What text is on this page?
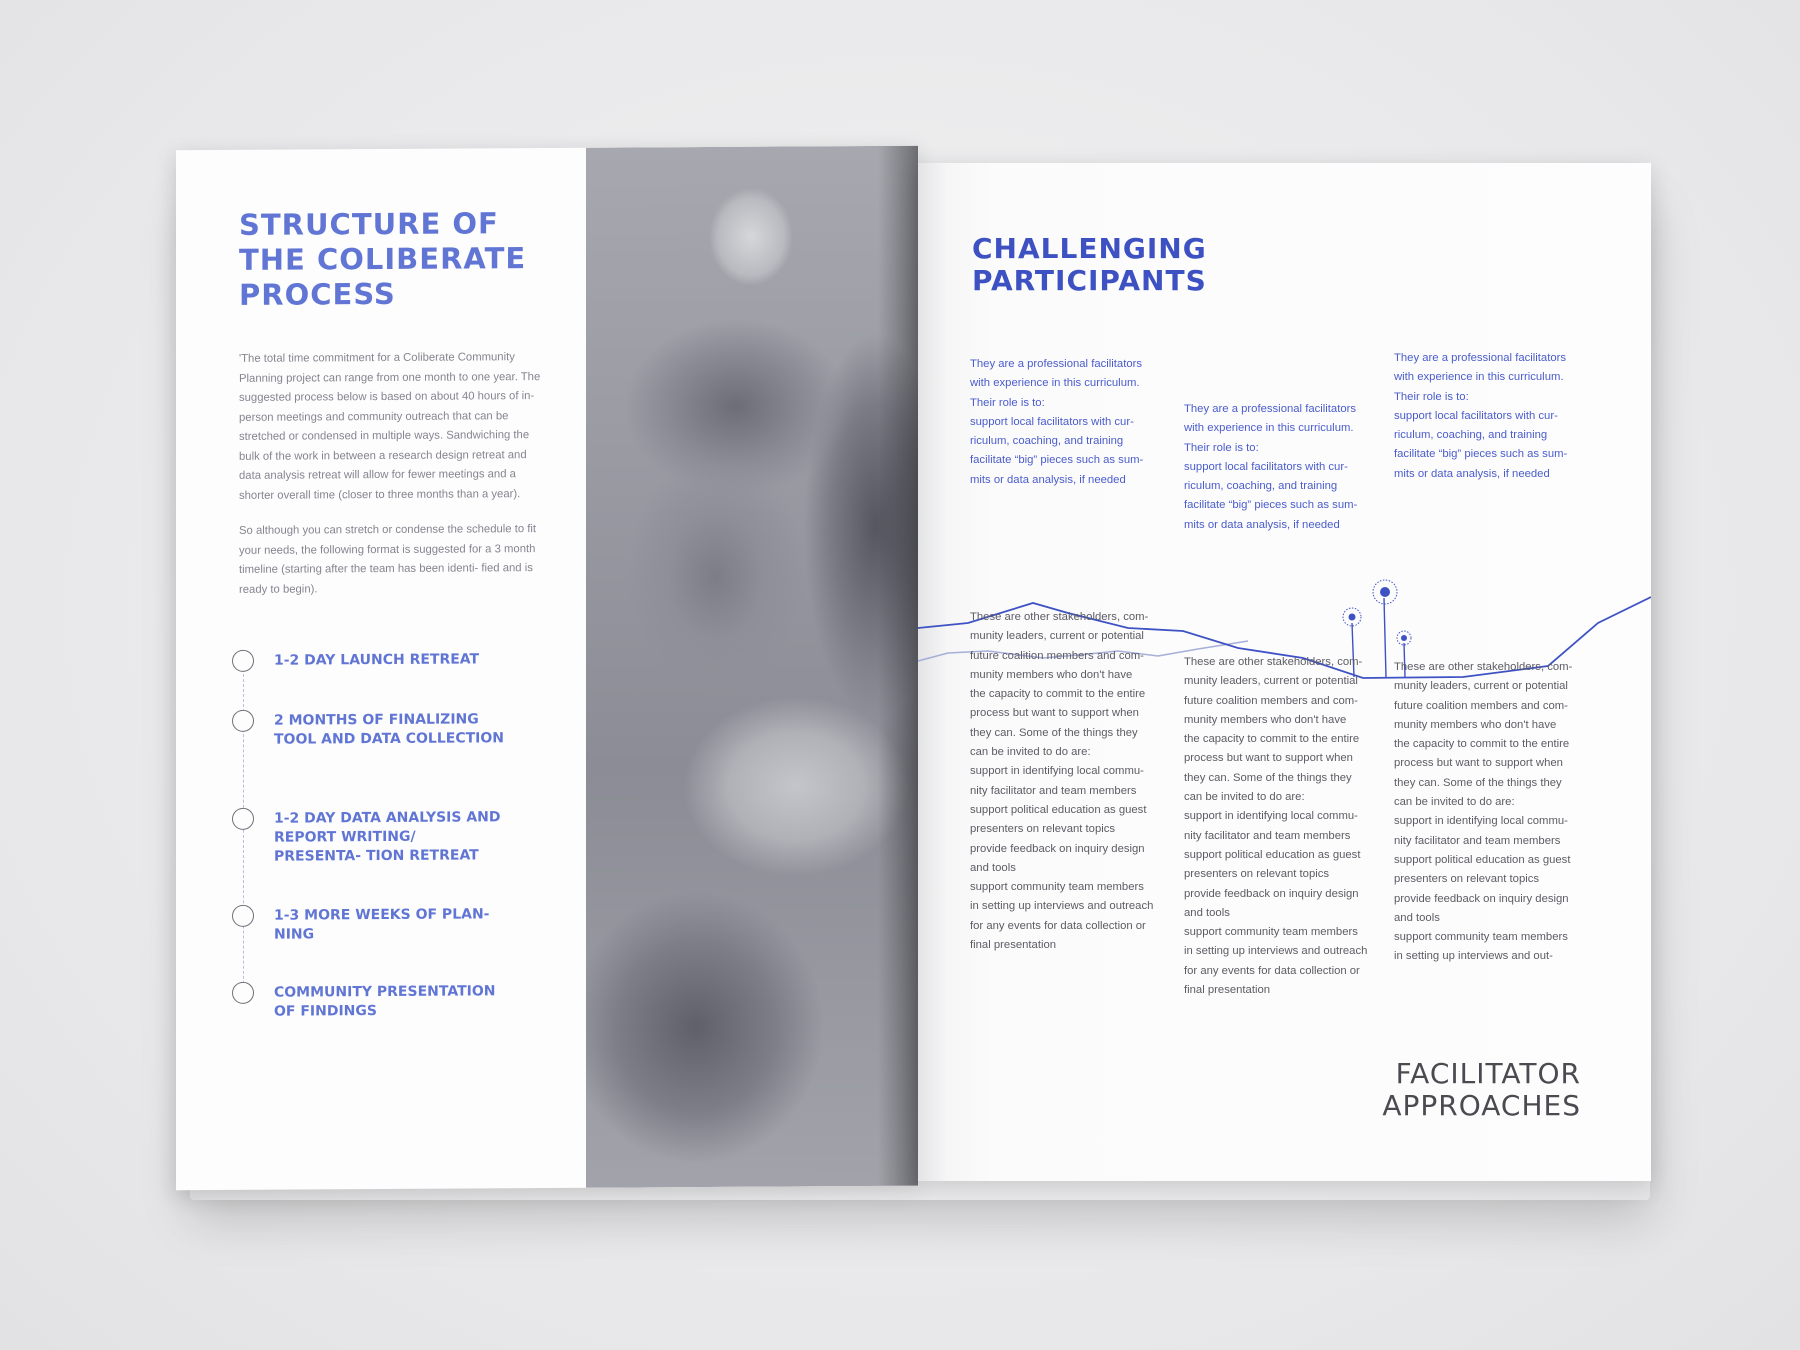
STRUCTURE OF THE COLIBERATE PROCESS

'The total time commitment for a Coliberate Community Planning project can range from one month to one year. The suggested process below is based on about 40 hours of in- person meetings and community outreach that can be stretched or condensed in multiple ways. Sandwiching the bulk of the work in between a research design retreat and data analysis retreat will allow for fewer meetings and a shorter overall time (closer to three months than a year).

So although you can stretch or condense the schedule to fit your needs, the following format is suggested for a 3 month timeline (starting after the team has been identi- fied and is ready to begin).

1-2 DAY LAUNCH RETREAT
2 MONTHS OF FINALIZING TOOL AND DATA COLLECTION
1-2 DAY DATA ANALYSIS AND REPORT WRITING/ PRESENTA- TION RETREAT
1-3 MORE WEEKS OF PLAN- NING
COMMUNITY PRESENTATION OF FINDINGS
CHALLENGING PARTICIPANTS

They are a professional facilitators

with experience in this curriculum.

Their role is to:

support local facilitators with cur-

riculum, coaching, and training

facilitate “big” pieces such as sum-

mits or data analysis, if needed

They are a professional facilitators

with experience in this curriculum.

Their role is to:

support local facilitators with cur-

riculum, coaching, and training

facilitate “big” pieces such as sum-

mits or data analysis, if needed

They are a professional facilitators

with experience in this curriculum.

Their role is to:

support local facilitators with cur-

riculum, coaching, and training

facilitate “big” pieces such as sum-

mits or data analysis, if needed

These are other stakeholders, com-

munity leaders, current or potential

future coalition members and com-

munity members who don't have

the capacity to commit to the entire

process but want to support when

they can. Some of the things they

can be invited to do are:

support in identifying local commu-

nity facilitator and team members

support political education as guest

presenters on relevant topics

provide feedback on inquiry design

and tools

support community team members

in setting up interviews and outreach

for any events for data collection or

final presentation

These are other stakeholders, com-

munity leaders, current or potential

future coalition members and com-

munity members who don't have

the capacity to commit to the entire

process but want to support when

they can. Some of the things they

can be invited to do are:

support in identifying local commu-

nity facilitator and team members

support political education as guest

presenters on relevant topics

provide feedback on inquiry design

and tools

support community team members

in setting up interviews and outreach

for any events for data collection or

final presentation

These are other stakeholders, com-

munity leaders, current or potential

future coalition members and com-

munity members who don't have

the capacity to commit to the entire

process but want to support when

they can. Some of the things they

can be invited to do are:

support in identifying local commu-

nity facilitator and team members

support political education as guest

presenters on relevant topics

provide feedback on inquiry design

and tools

support community team members

in setting up interviews and out-

FACILITATOR APPROACHES
